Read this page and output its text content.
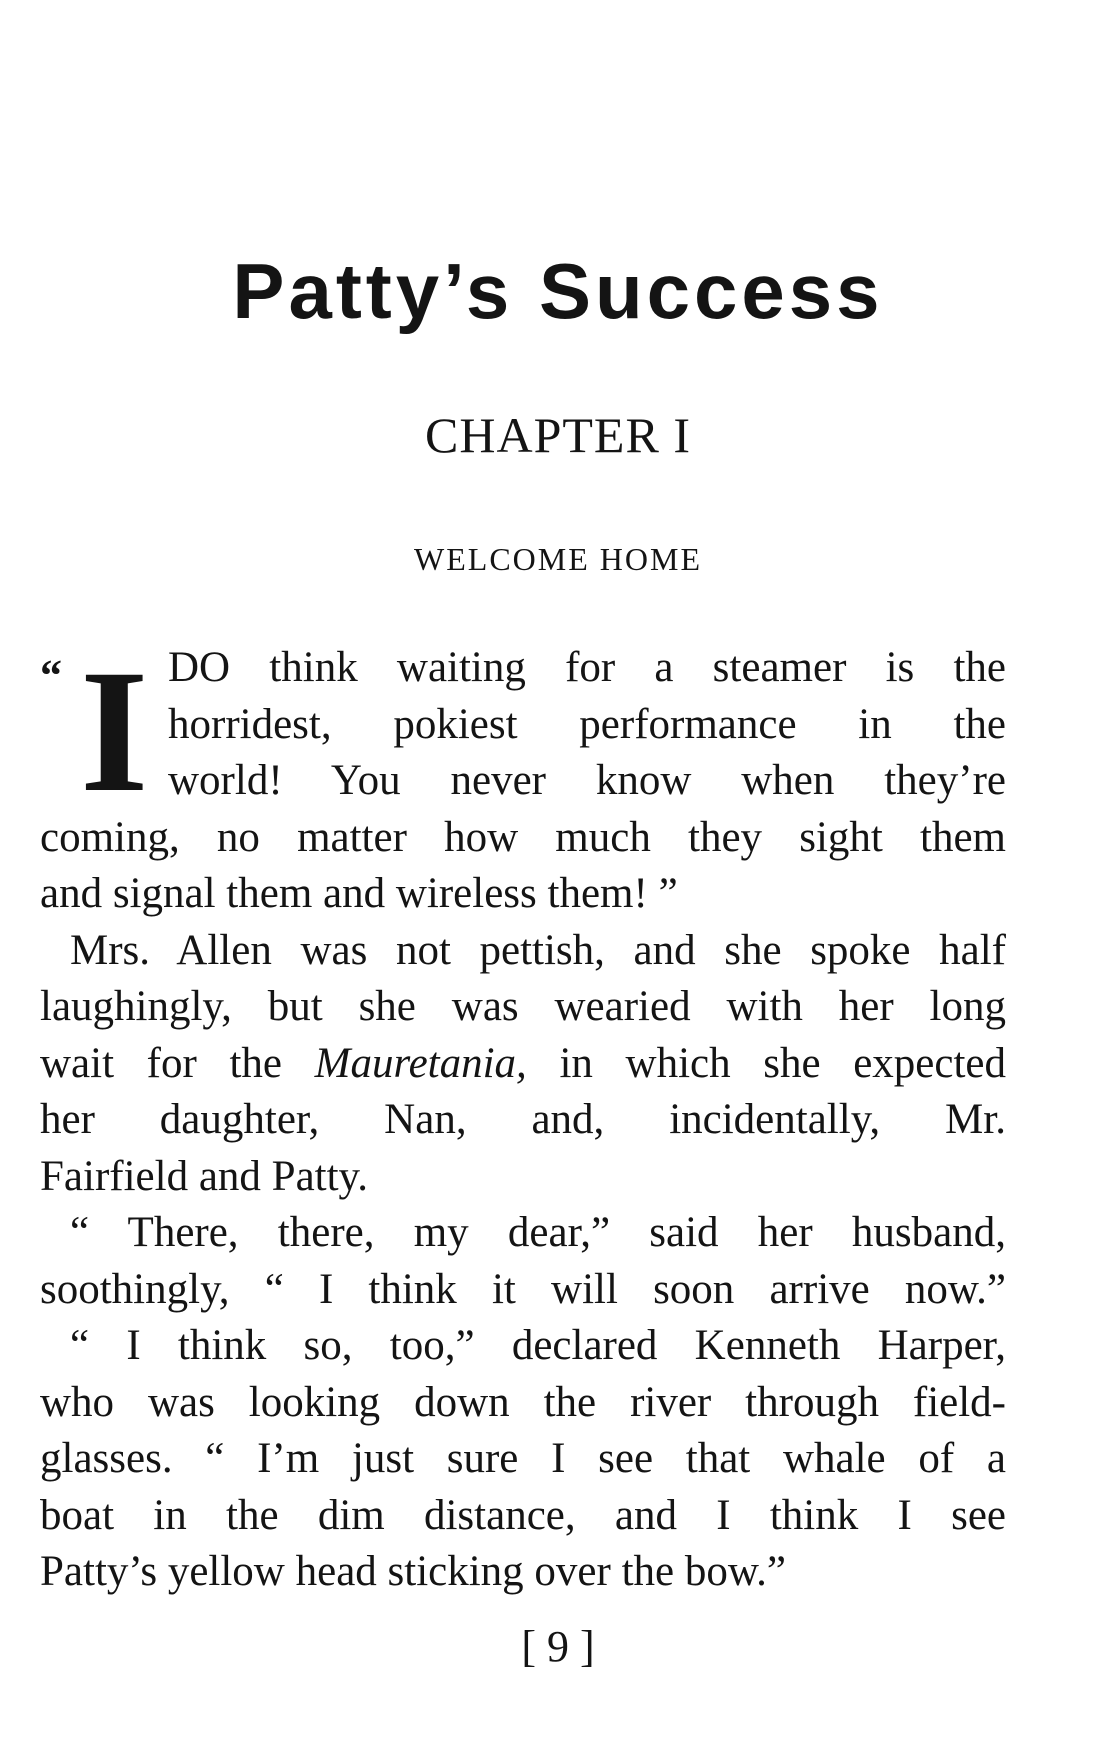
Patty’s Success
CHAPTER I
WELCOME HOME
“ I DO think waiting for a steamer is the
horridest, pokiest performance in the
world! You never know when they’re
coming, no matter how much they sight them
and signal them and wireless them! ”
Mrs. Allen was not pettish, and she spoke half
laughingly, but she was wearied with her long
wait for the Mauretania, in which she expected
her daughter, Nan, and, incidentally, Mr.
Fairfield and Patty.
“ There, there, my dear,” said her husband,
soothingly, “ I think it will soon arrive now.”
“ I think so, too,” declared Kenneth Harper,
who was looking down the river through field-
glasses. “ I’m just sure I see that whale of a
boat in the dim distance, and I think I see
Patty’s yellow head sticking over the bow.”
[ 9 ]
